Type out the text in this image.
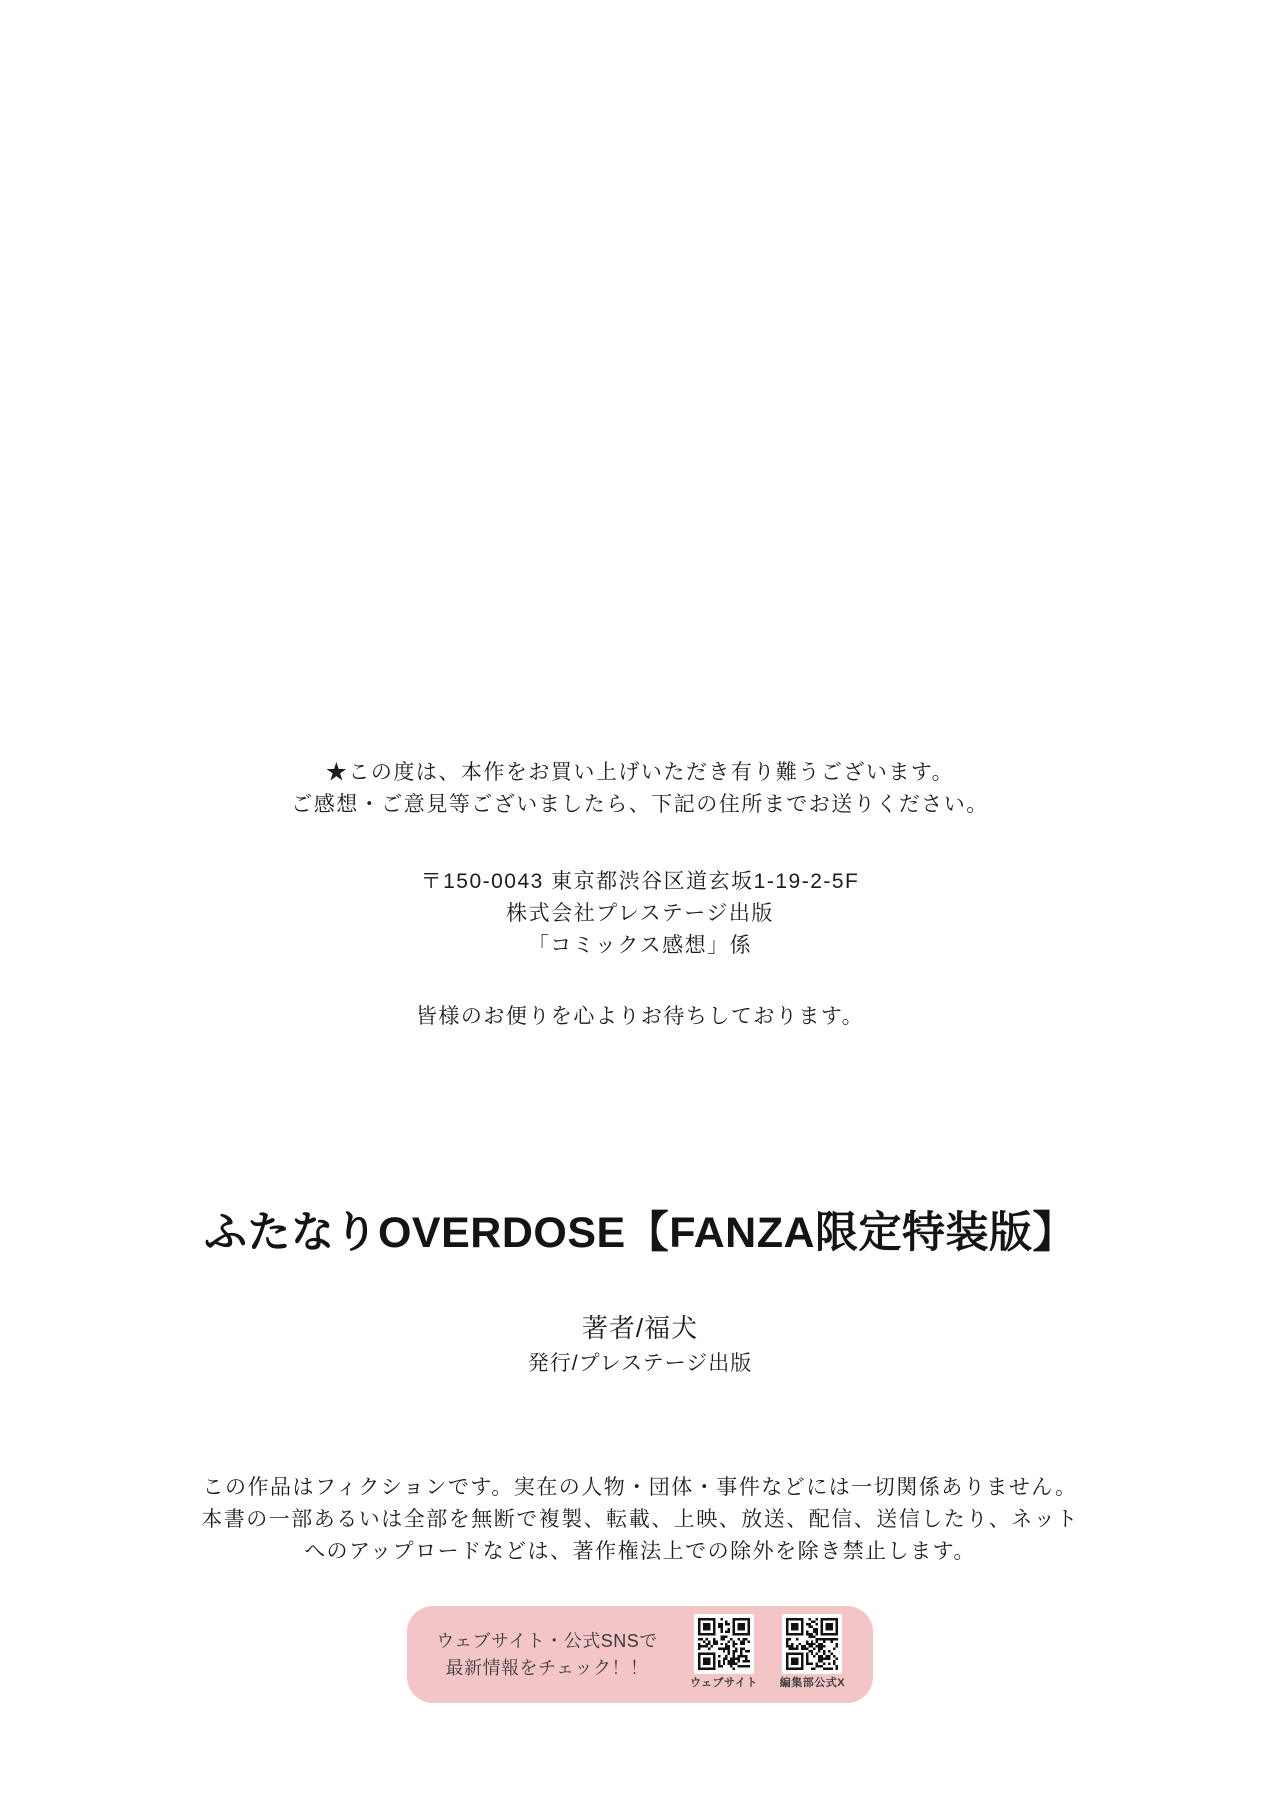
★この度は、本作をお買い上げいただき有り難うございます。

ご感想・ご意見等ございましたら、下記の住所までお送りください。

〒150-0043 東京都渋谷区道玄坂1-19-2-5F

株式会社プレステージ出版

「コミックス感想」係

皆様のお便りを心よりお待ちしております。

ふたなりOVERDOSE【FANZA限定特装版】

著者/福犬

発行/プレステージ出版

この作品はフィクションです。実在の人物・団体・事件などには一切関係ありません。

本書の一部あるいは全部を無断で複製、転載、上映、放送、配信、送信したり、ネット

へのアップロードなどは、著作権法上での除外を除き禁止します。

ウェブサイト・公式SNSで

最新情報をチェック！！

ウェブサイト 編集部公式X
